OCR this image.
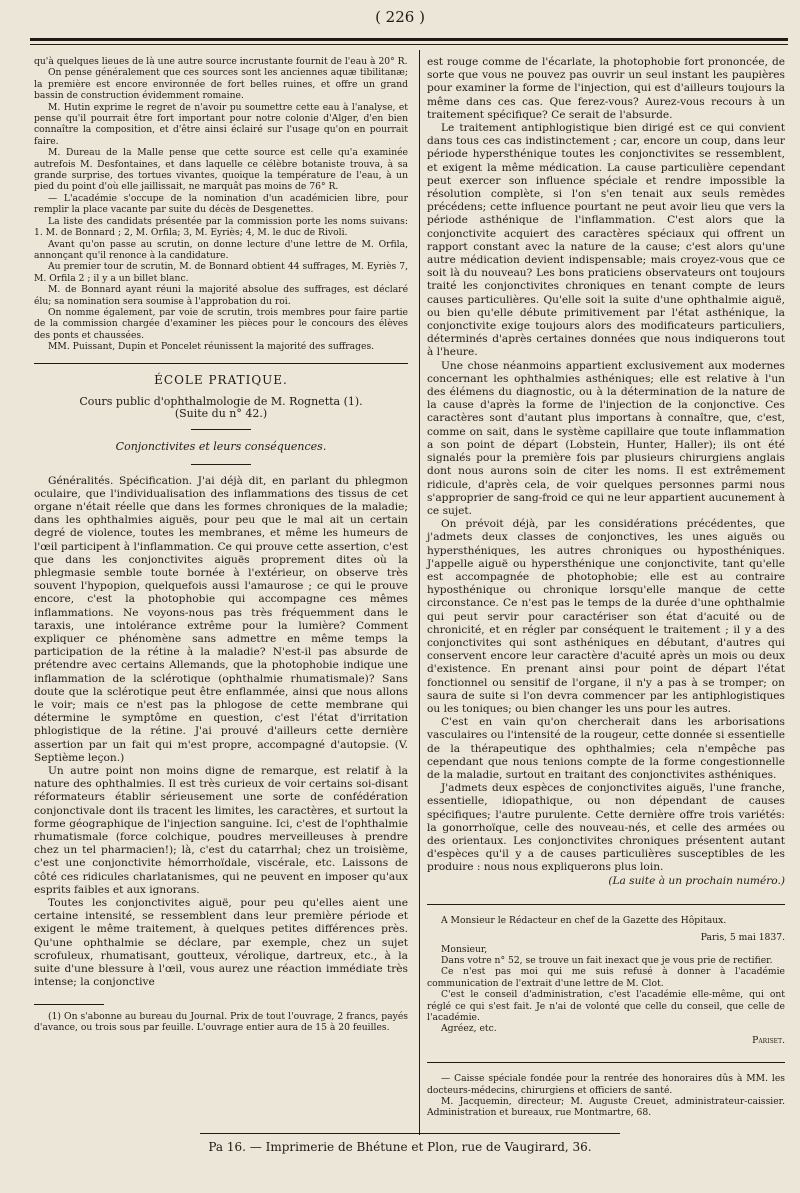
( 226 )

qu'à quelques lieues de là une autre source incrustante fournit de l'eau à 20° R.

On pense généralement que ces sources sont les anciennes aquæ tibilitanæ; la première est encore environnée de fort belles ruines, et offre un grand bassin de construction évidemment romaine.

M. Hutin exprime le regret de n'avoir pu soumettre cette eau à l'analyse, et pense qu'il pourrait être fort important pour notre colonie d'Alger, d'en bien connaître la composition, et d'être ainsi éclairé sur l'usage qu'on en pourrait faire.

M. Dureau de la Malle pense que cette source est celle qu'a examinée autrefois M. Desfontaines, et dans laquelle ce célèbre botaniste trouva, à sa grande surprise, des tortues vivantes, quoique la température de l'eau, à un pied du point d'où elle jaillissait, ne marquât pas moins de 76° R.

— L'académie s'occupe de la nomination d'un académicien libre, pour remplir la place vacante par suite du décès de Desgenettes.

La liste des candidats présentée par la commission porte les noms suivans: 1. M. de Bonnard ; 2, M. Orfila; 3, M. Eyriès; 4, M. le duc de Rivoli.

Avant qu'on passe au scrutin, on donne lecture d'une lettre de M. Orfila, annonçant qu'il renonce à la candidature.

Au premier tour de scrutin, M. de Bonnard obtient 44 suffrages, M. Eyriès 7, M. Orfila 2 ; il y a un billet blanc.

M. de Bonnard ayant réuni la majorité absolue des suffrages, est déclaré élu; sa nomination sera soumise à l'approbation du roi.

On nomme également, par voie de scrutin, trois membres pour faire partie de la commission chargée d'examiner les pièces pour le concours des élèves des ponts et chaussées.

MM. Puissant, Dupin et Poncelet réunissent la majorité des suffrages.

ÉCOLE PRATIQUE.

Cours public d'ophthalmologie de M. Rognetta (1).

(Suite du n° 42.)

Conjonctivites et leurs conséquences.

Généralités. Spécification. J'ai déjà dit, en parlant du phlegmon oculaire, que l'individualisation des inflammations des tissus de cet organe n'était réelle que dans les formes chroniques de la maladie; dans les ophthalmies aiguës, pour peu que le mal ait un certain degré de violence, toutes les membranes, et même les humeurs de l'œil participent à l'inflammation. Ce qui prouve cette assertion, c'est que dans les conjonctivites aiguës proprement dites où la phlegmasie semble toute bornée à l'extérieur, on observe très souvent l'hypopion, quelquefois aussi l'amaurose ; ce qui le prouve encore, c'est la photophobie qui accompagne ces mêmes inflammations. Ne voyons-nous pas très fréquemment dans le taraxis, une intolérance extrême pour la lumière? Comment expliquer ce phénomène sans admettre en même temps la participation de la rétine à la maladie? N'est-il pas absurde de prétendre avec certains Allemands, que la photophobie indique une inflammation de la sclérotique (ophthalmie rhumatismale)? Sans doute que la sclérotique peut être enflammée, ainsi que nous allons le voir; mais ce n'est pas la phlogose de cette membrane qui détermine le symptôme en question, c'est l'état d'irritation phlogistique de la rétine. J'ai prouvé d'ailleurs cette dernière assertion par un fait qui m'est propre, accompagné d'autopsie. (V. Septième leçon.)

Un autre point non moins digne de remarque, est relatif à la nature des ophthalmies. Il est très curieux de voir certains soi-disant réformateurs établir sérieusement une sorte de confédération conjonctivale dont ils tracent les limites, les caractères, et surtout la forme géographique de l'injection sanguine. Ici, c'est de l'ophthalmie rhumatismale (force colchique, poudres merveilleuses à prendre chez un tel pharmacien!); là, c'est du catarrhal; chez un troisième, c'est une conjonctivite hémorrhoïdale, viscérale, etc. Laissons de côté ces ridicules charlatanismes, qui ne peuvent en imposer qu'aux esprits faibles et aux ignorans.

Toutes les conjonctivites aiguë, pour peu qu'elles aient une certaine intensité, se ressemblent dans leur première période et exigent le même traitement, à quelques petites différences près. Qu'une ophthalmie se déclare, par exemple, chez un sujet scrofuleux, rhumatisant, goutteux, vérolique, dartreux, etc., à la suite d'une blessure à l'œil, vous aurez une réaction immédiate très intense; la conjonctive

(1) On s'abonne au bureau du Journal. Prix de tout l'ouvrage, 2 francs, payés d'avance, ou trois sous par feuille. L'ouvrage entier aura de 15 à 20 feuilles.

est rouge comme de l'écarlate, la photophobie fort prononcée, de sorte que vous ne pouvez pas ouvrir un seul instant les paupières pour examiner la forme de l'injection, qui est d'ailleurs toujours la même dans ces cas. Que ferez-vous? Aurez-vous recours à un traitement spécifique? Ce serait de l'absurde.

Le traitement antiphlogistique bien dirigé est ce qui convient dans tous ces cas indistinctement ; car, encore un coup, dans leur période hypersthénique toutes les conjonctivites se ressemblent, et exigent la même médication. La cause particulière cependant peut exercer son influence spéciale et rendre impossible la résolution complète, si l'on s'en tenait aux seuls remèdes précédens; cette influence pourtant ne peut avoir lieu que vers la période asthénique de l'inflammation. C'est alors que la conjonctivite acquiert des caractères spéciaux qui offrent un rapport constant avec la nature de la cause; c'est alors qu'une autre médication devient indispensable; mais croyez-vous que ce soit là du nouveau? Les bons praticiens observateurs ont toujours traité les conjonctivites chroniques en tenant compte de leurs causes particulières. Qu'elle soit la suite d'une ophthalmie aiguë, ou bien qu'elle débute primitivement par l'état asthénique, la conjonctivite exige toujours alors des modificateurs particuliers, déterminés d'après certaines données que nous indiquerons tout à l'heure.

Une chose néanmoins appartient exclusivement aux modernes concernant les ophthalmies asthéniques; elle est relative à l'un des élémens du diagnostic, ou à la détermination de la nature de la cause d'après la forme de l'injection de la conjonctive. Ces caractères sont d'autant plus importans à connaître, que, c'est, comme on sait, dans le système capillaire que toute inflammation a son point de départ (Lobstein, Hunter, Haller); ils ont été signalés pour la première fois par plusieurs chirurgiens anglais dont nous aurons soin de citer les noms. Il est extrêmement ridicule, d'après cela, de voir quelques personnes parmi nous s'approprier de sang-froid ce qui ne leur appartient aucunement à ce sujet.

On prévoit déjà, par les considérations précédentes, que j'admets deux classes de conjonctives, les unes aiguës ou hypersthéniques, les autres chroniques ou hyposthéniques. J'appelle aiguë ou hypersthénique une conjonctivite, tant qu'elle est accompagnée de photophobie; elle est au contraire hyposthénique ou chronique lorsqu'elle manque de cette circonstance. Ce n'est pas le temps de la durée d'une ophthalmie qui peut servir pour caractériser son état d'acuité ou de chronicité, et en régler par conséquent le traitement ; il y a des conjonctivites qui sont asthéniques en débutant, d'autres qui conservent encore leur caractère d'acuité après un mois ou deux d'existence. En prenant ainsi pour point de départ l'état fonctionnel ou sensitif de l'organe, il n'y a pas à se tromper; on saura de suite si l'on devra commencer par les antiphlogistiques ou les toniques; ou bien changer les uns pour les autres.

C'est en vain qu'on chercherait dans les arborisations vasculaires ou l'intensité de la rougeur, cette donnée si essentielle de la thérapeutique des ophthalmies; cela n'empêche pas cependant que nous tenions compte de la forme congestionnelle de la maladie, surtout en traitant des conjonctivites asthéniques.

J'admets deux espèces de conjonctivites aiguës, l'une franche, essentielle, idiopathique, ou non dépendant de causes spécifiques; l'autre purulente. Cette dernière offre trois variétés: la gonorrhoïque, celle des nouveau-nés, et celle des armées ou des orientaux. Les conjonctivites chroniques présentent autant d'espèces qu'il y a de causes particulières susceptibles de les produire : nous nous expliquerons plus loin.

(La suite à un prochain numéro.)

A Monsieur le Rédacteur en chef de la Gazette des Hôpitaux.

Paris, 5 mai 1837.

Monsieur,

Dans votre n° 52, se trouve un fait inexact que je vous prie de rectifier.

Ce n'est pas moi qui me suis refusé à donner à l'académie communication de l'extrait d'une lettre de M. Clot.

C'est le conseil d'administration, c'est l'académie elle-même, qui ont réglé ce qui s'est fait. Je n'ai de volonté que celle du conseil, que celle de l'académie.

Agréez, etc.

Pariset.

— Caisse spéciale fondée pour la rentrée des honoraires dûs à MM. les docteurs-médecins, chirurgiens et officiers de santé.

M. Jacquemin, directeur; M. Auguste Creuet, administrateur-caissier. Administration et bureaux, rue Montmartre, 68.

Pa 16. — Imprimerie de Bhétune et Plon, rue de Vaugirard, 36.
